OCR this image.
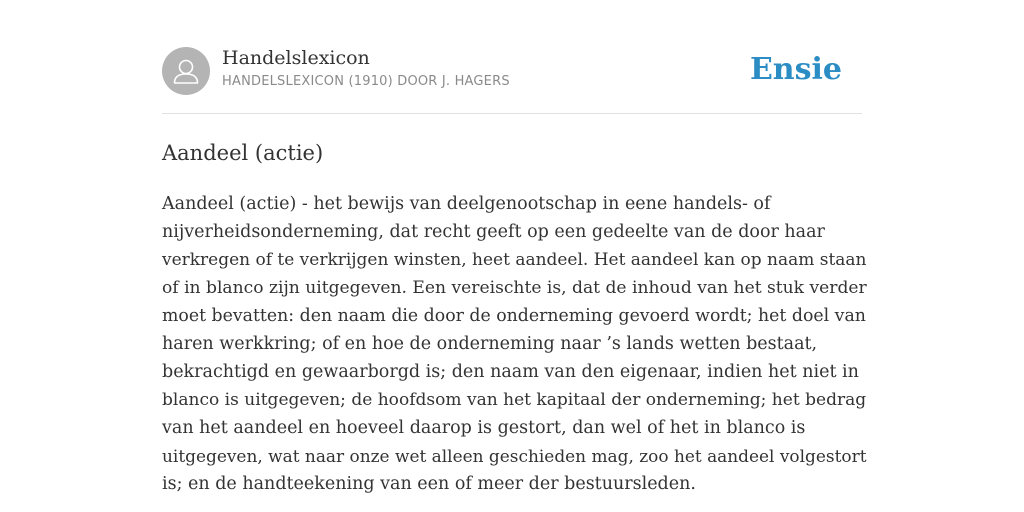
Handelslexicon
HANDELSLEXICON (1910) DOOR J. HAGERS	Ensie
Aandeel (actie)
Aandeel (actie) - het bewijs van deelgenootschap in eene handels- of
nijverheidsonderneming, dat recht geeft op een gedeelte van de door haar
verkregen of te verkrijgen winsten, heet aandeel. Het aandeel kan op naam staan
of in blanco zijn uitgegeven. Een vereischte is, dat de inhoud van het stuk verder
moet bevatten: den naam die door de onderneming gevoerd wordt; het doel van
haren werkkring; of en hoe de onderneming naar ’s lands wetten bestaat,
bekrachtigd en gewaarborgd is; den naam van den eigenaar, indien het niet in
blanco is uitgegeven; de hoofdsom van het kapitaal der onderneming; het bedrag
van het aandeel en hoeveel daarop is gestort, dan wel of het in blanco is
uitgegeven, wat naar onze wet alleen geschieden mag, zoo het aandeel volgestort
is; en de handteekening van een of meer der bestuursleden.
